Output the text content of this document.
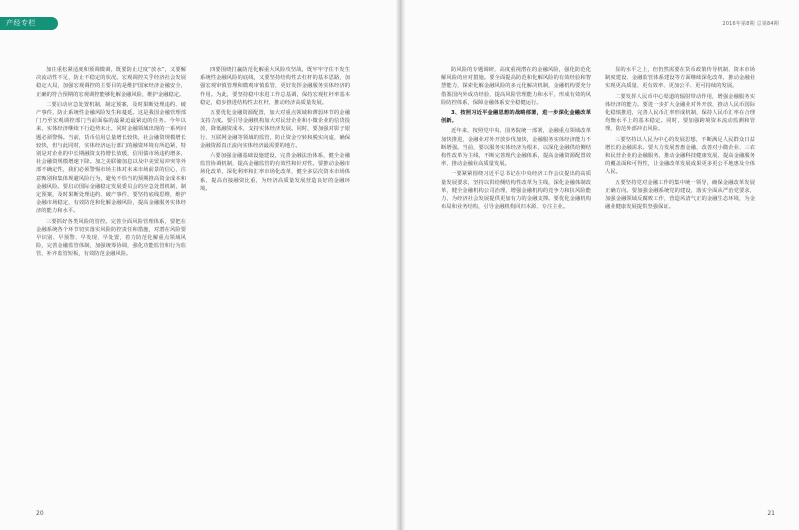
产经专栏

加注重松紧适度和预调微调，既要防止过度“放水”，又要解决流动性不足、防止不稳定的状况。宏观调控关乎经济社会发展稳定大局，加强宏观调控的主要目的是维护国家经济金融安全，正确的符合预期的宏观调控能够化解金融风险，维护金融稳定。

二要启动应急处置机制，制定预案，及时果断处理违约、破产事件，防止系统性金融风险发生和蔓延。这是我国金融管理部门乃至宏观调控部门当前面临的最紧迫最紧迫的任务。今年以来，实体经济继续下行趋势未止，同时金融领域出现的一系列问题必须警惕。当前，货币信用总量增长较快，社会融资规模增长较快，但与此同时，实体经济运行部门的融资环境有所趋紧，特别是对企业的中长期融资支持增长放缓，信用债市场违约增多，社会融资规模增速下降。加之美联储加息以及中美贸易冲突等外部不确定性，我们必须警惕市场主体对未来市场前景的信心，注意甄别和集体规避风险行为，避免不恰当的预期推高资金成本和金融风险。要启动国际金融稳定发展委员会的应急处置机制，制定预案，及时果断处理违约、破产事件，要坚持底线思维，维护金融市场稳定，有效防范和化解金融风险，提高金融服务实体经济的能力和水平。

三要抓好各类风险的管控。完善全面风险管理体系，要把在金融系统各个环节切实落实风险防控责任和措施，对潜在风险要早识别、早预警、早发现、早处置，着力防范化解重点领域风险，完善金融监管体制，加强统筹协调，强化功能监管和行为监管，补齐监管短板，有效防范金融风险。

四要围绕打赢防范化解重大风险攻坚战，既牢牢守住不发生系统性金融风险的底线，又要坚持结构性去杠杆的基本思路，加强宏观审慎管理和微观审慎监管，更好发挥金融服务实体经济的作用。为此，要坚持稳中求进工作总基调，保持宏观杠杆率基本稳定，稳步推进结构性去杠杆，推动经济高质量发展。

五要优化金融资源配置，加大对重点领域和薄弱环节的金融支持力度。要引导金融机构加大对民营企业和小微企业的信贷投放，降低融资成本，支持实体经济发展。同时，要加强对影子银行、互联网金融等领域的监管，防止资金空转和脱实向虚，确保金融资源真正流向实体经济最需要的地方。

六要加强金融基础设施建设，完善金融法治体系，健全金融监管协调机制，提高金融监管的有效性和针对性。要推动金融市场化改革，深化利率和汇率市场化改革，健全多层次资本市场体系，提高直接融资比重，为经济高质量发展营造良好的金融环境。

20
2016年第8期 总第84期

防风险的专题调研，高度重视潜在的金融风险，强化防范化解风险的应对措施。要全面提高防范和化解风险的有效经验和智慧能力，探索化解金融风险的多元化解决机制，金融机构要充分借鉴国内外成功经验，提高风险管理能力和水平，形成有效的风险防控体系，保障金融体系安全稳健运行。

3、按照习近平金融思想的战略部署，进一步深化金融改革创新。

近年来，按照党中央、国务院统一部署，金融重点领域改革加快推进，金融业对外开放步伐加快，金融服务实体经济能力不断增强。当前，要以服务实体经济为根本，以深化金融供给侧结构性改革为主线，不断完善现代金融体系，提高金融资源配置效率，推动金融业高质量发展。

一要紧紧围绕习近平总书记在中央经济工作会议提出的高质量发展要求，坚持以供给侧结构性改革为主线，深化金融体制改革，健全金融机构公司治理，增强金融机构的竞争力和抗风险能力，为经济社会发展提供更加有力的金融支撑。要优化金融机构布局和业务结构，引导金融机构回归本源、专注主业。

显的水平之上，但仍然需要在货币政策传导机制、资本市场制度建设、金融监管体系建设等方面继续深化改革，推动金融业实现更高质量、更有效率、更加公平、更可持续的发展。

二要发挥人民币中心渠道的辐射带动作用，增强金融服务实体经济的能力。要进一步扩大金融业对外开放，推动人民币国际化稳慎推进，完善人民币汇率形成机制，保持人民币汇率在合理均衡水平上的基本稳定。同时，要加强跨境资本流动监测和管理，防范外部冲击风险。

三要坚持以人民为中心的发展思想，不断满足人民群众日益增长的金融需求。要大力发展普惠金融，改善对小微企业、三农和民营企业的金融服务，推动金融科技健康发展，提高金融服务的覆盖面和可得性，让金融改革发展成果更多更公平地惠及全体人民。

五要坚持党对金融工作的集中统一领导，确保金融改革发展正确方向。要加强金融系统党的建设，落实全面从严治党要求，加强金融领域反腐败工作，营造风清气正的金融生态环境，为金融业健康发展提供坚强保证。

21
